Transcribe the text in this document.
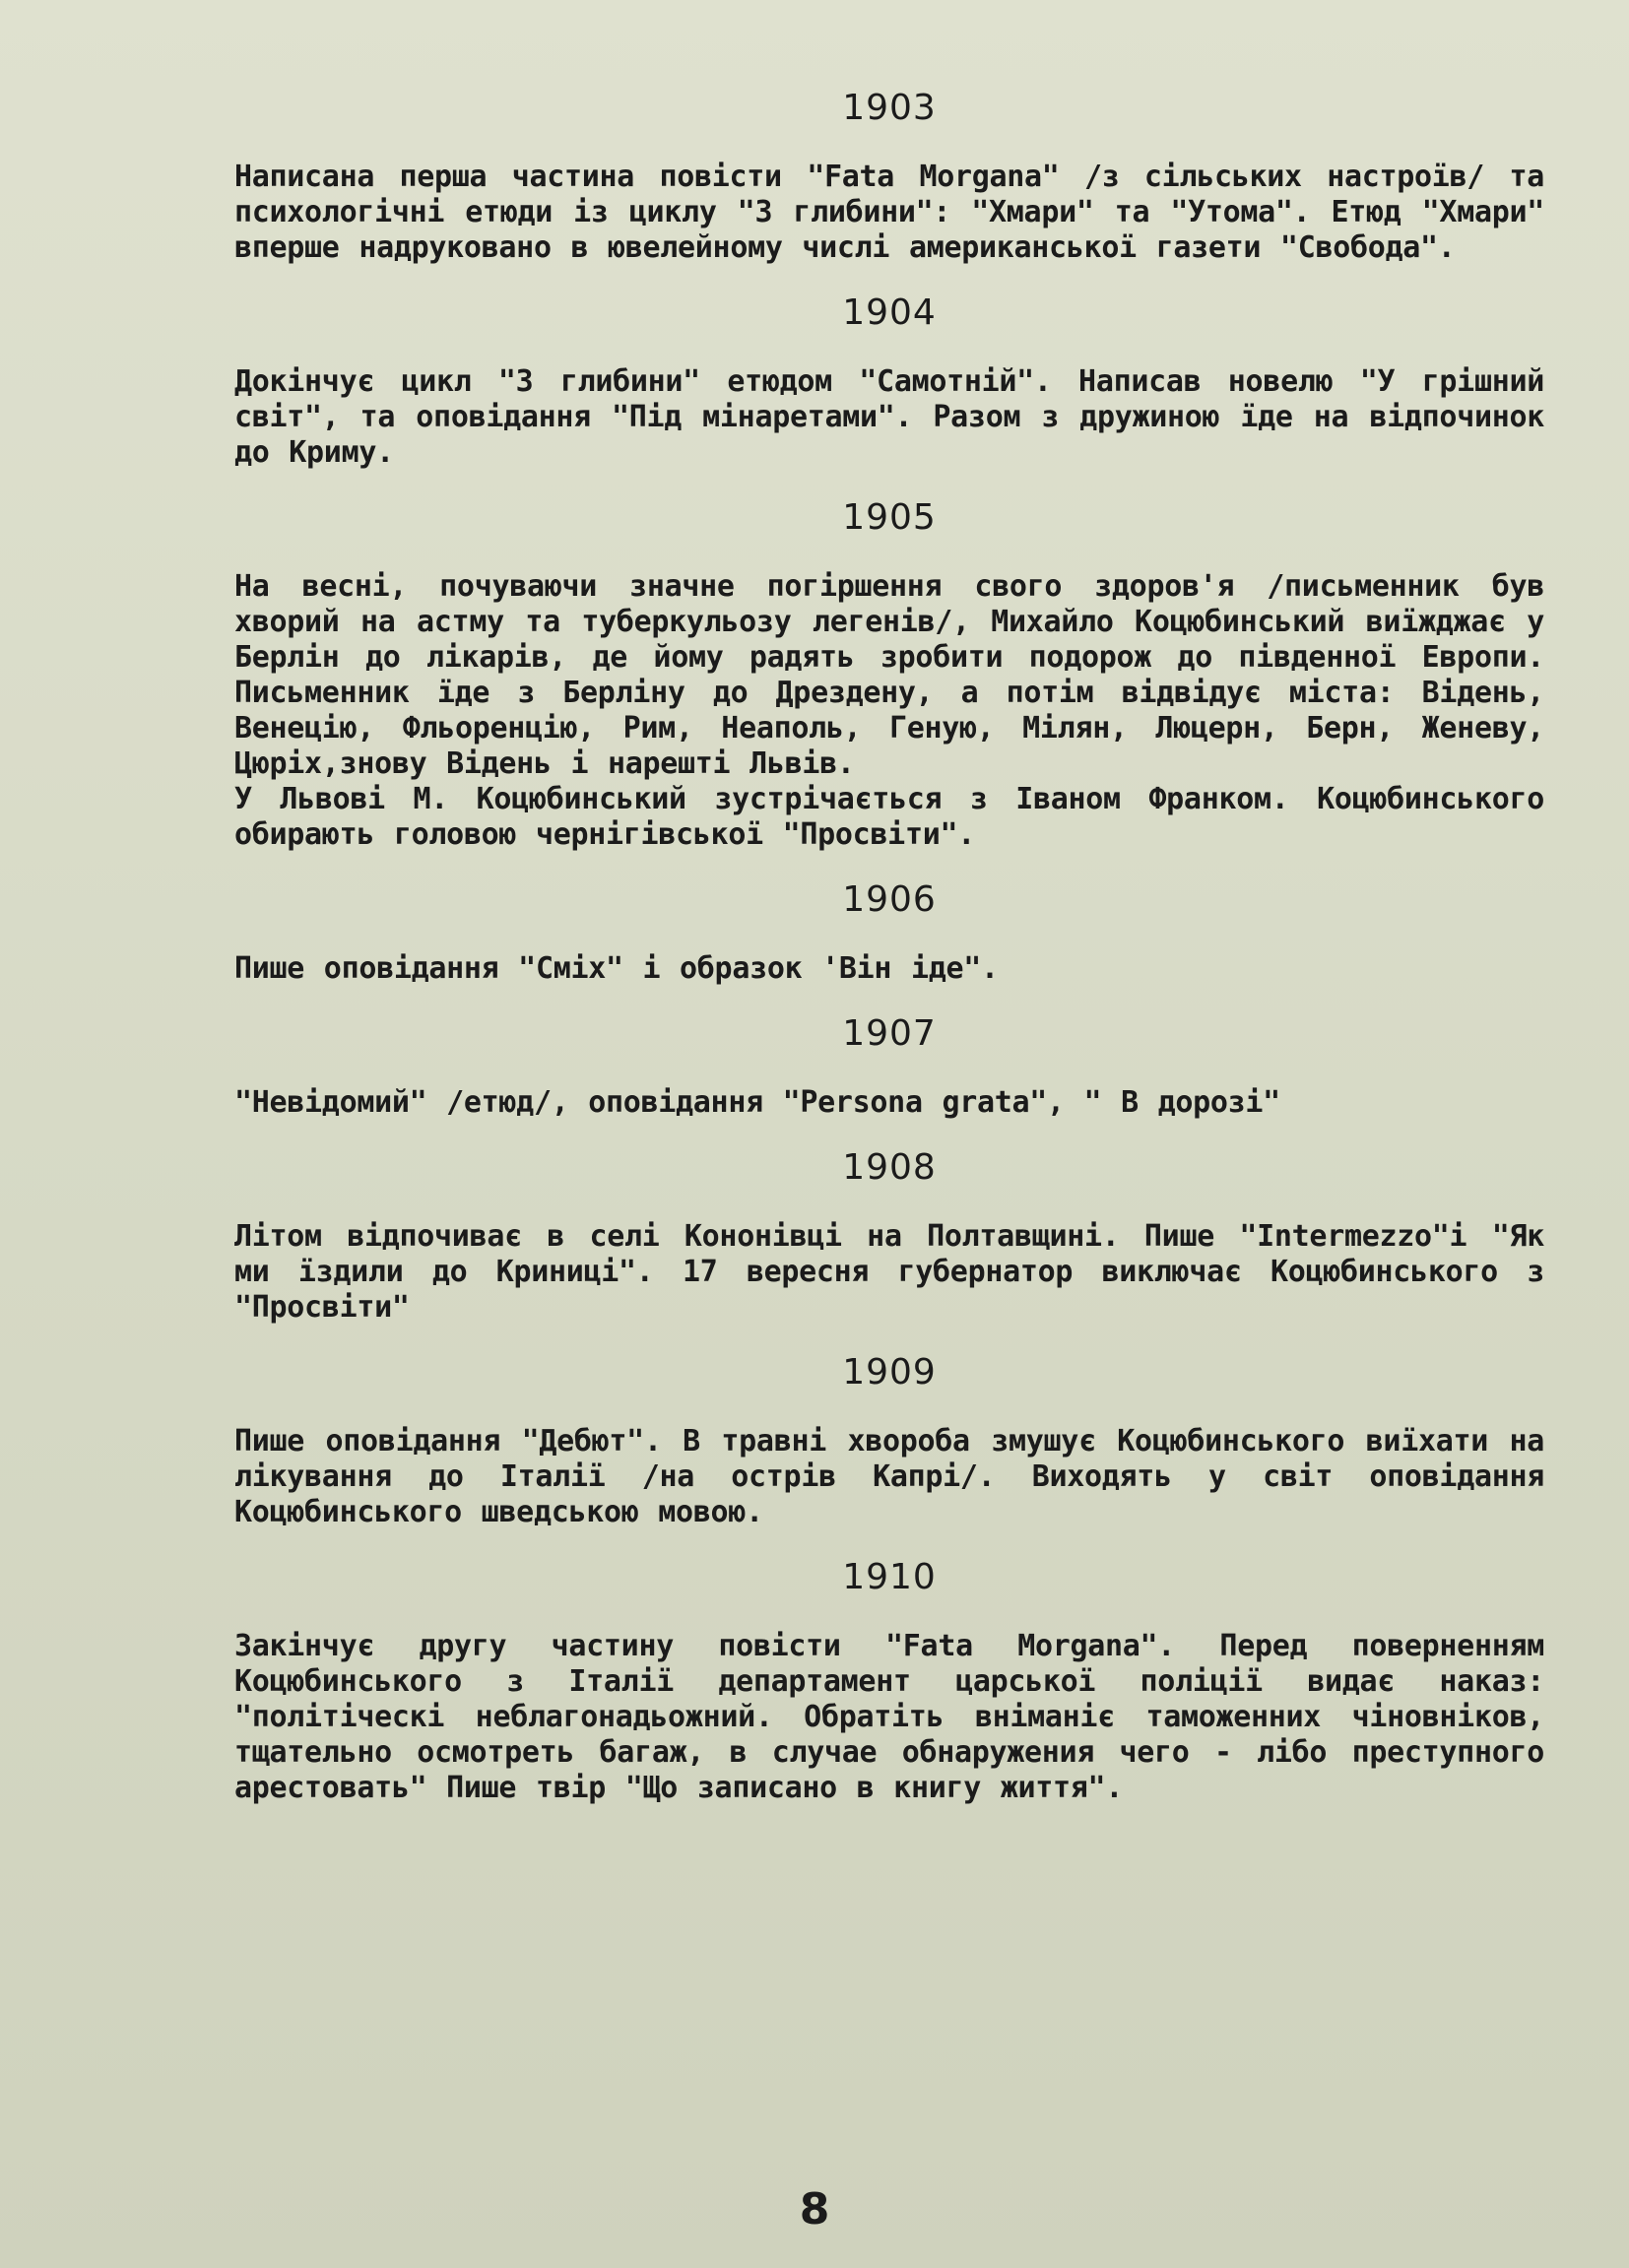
1903

Написана перша частина повісти "Fata Morgana" /з сільських настроїв/ та психологічні етюди із циклу "З глибини": "Хмари" та "Утома". Етюд "Хмари" вперше надруковано в ювелейному числі американської газети "Свобода".

1904

Докінчує цикл "З глибини" етюдом "Самотній". Написав новелю "У грішний світ", та оповідання "Під мінаретами". Разом з дружиною їде на відпочинок до Криму.

1905

На весні, почуваючи значне погіршення свого здоров'я /письменник був хворий на астму та туберкульозу легенів/, Михайло Коцюбинський виїжджає у Берлін до лікарів, де йому радять зробити подорож до південної Европи. Письменник їде з Берліну до Дрездену, а потім відвідує міста: Відень, Венецію, Фльоренцію, Рим, Неаполь, Геную, Мілян, Люцерн, Берн, Женеву, Цюріх,знову Відень і нарешті Львів.

У Львові М. Коцюбинський зустрічається з Іваном Франком. Коцюбинського обирають головою чернігівської "Просвіти".

1906

Пише оповідання "Сміх" і образок 'Він іде".

1907

"Невідомий" /етюд/, оповідання "Persona grata", " В дорозі"

1908

Літом відпочиває в селі Кононівці на Полтавщині. Пише "Intermezzo"і "Як ми їздили до Криниці". 17 вересня губернатор виключає Коцюбинського з "Просвіти"

1909

Пише оповідання "Дебют". В травні хвороба змушує Коцюбинського виїхати на лікування до Італії /на острів Капрі/. Виходять у світ оповідання Коцюбинського шведською мовою.

1910

Закінчує другу частину повісти "Fata Morgana". Перед поверненням Коцюбинського з Італії департамент царської поліції видає наказ: "політіческі неблагонадьожний. Обратіть вніманіє таможенних чіновніков, тщательно осмотреть багаж, в случае обнаружения чего - лібо преступного арестовать" Пише твір "Що записано в книгу життя".

8
